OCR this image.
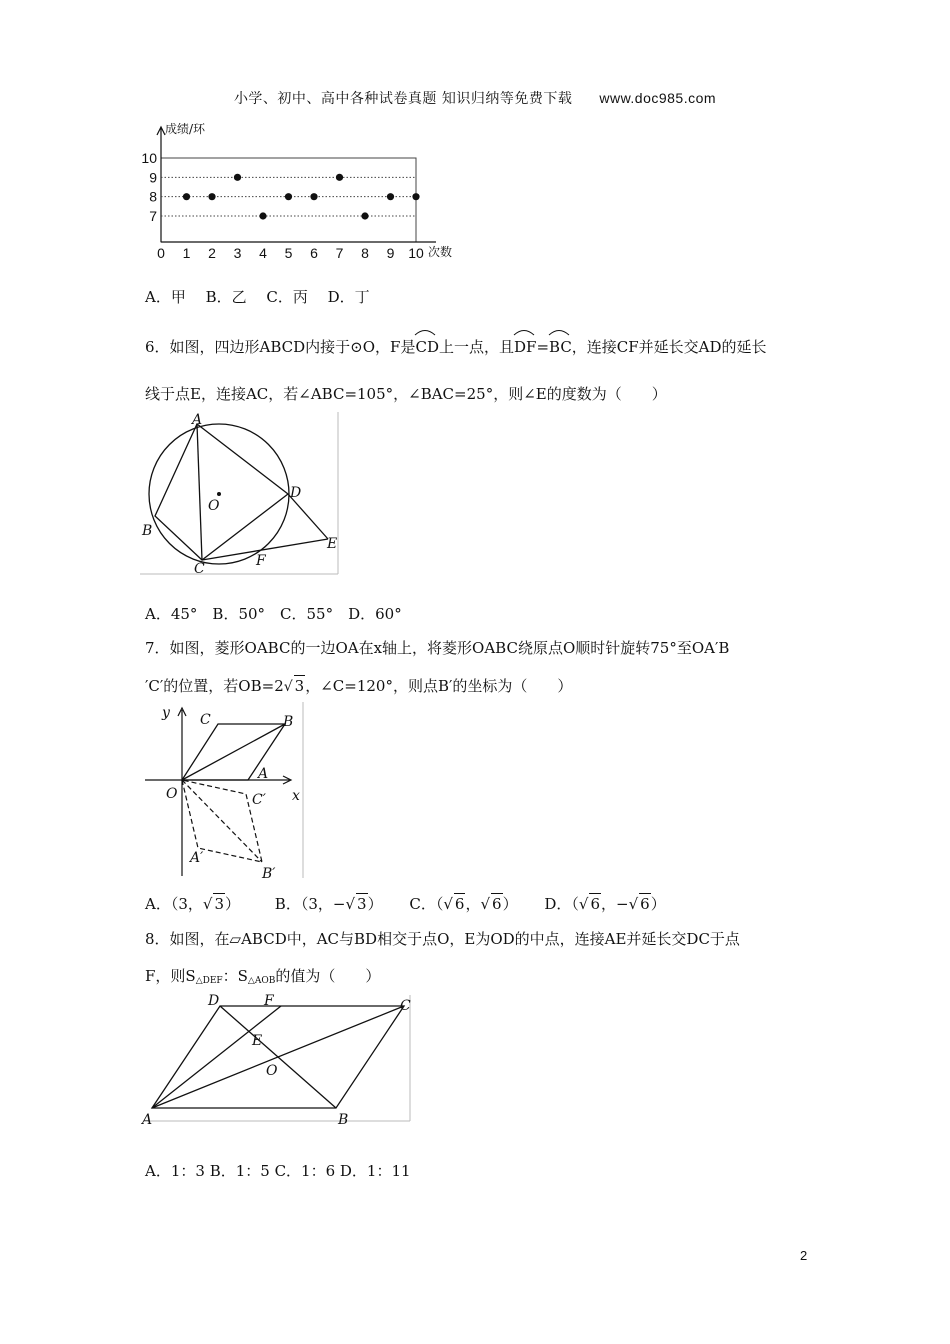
小学、初中、高中各种试卷真题 知识归纳等免费下载 www.doc985.com
7
8
9
10
0 1 2 3 4 5 6 7 8 9 10
成绩/环
次数
A．甲　 B．乙　 C．丙　 D．丁
6．如图，四边形ABCD内接于⊙O，F是
CD上一点，且
DF=
BC，连接CF并延长交AD的延长
线于点E，连接AC，若∠ABC=105°，∠BAC=25°，则∠E的度数为（　　）
A
B
C
D
E
F
O
A．45°　B．50°　C．55°　D．60°
7．如图，菱形OABC的一边OA在x轴上，将菱形OABC绕原点O顺时针旋转75°至OA′B
′C′的位置，若OB=2√ 3，∠C=120°，则点B′的坐标为（　　）
y
x
C	B
A
O	C′
A′
B′
A．（3，√ 3） B．（3，−√ 3） C．（√ 6，√ 6） D．（√ 6，−√ 6）
8．如图，在▱ABCD中，AC与BD相交于点O，E为OD的中点，连接AE并延长交DC于点
F，则$S_{\triangle DEF}$：$S_{\triangle AOB}$的值为（　　）
D	F	C
E
O
A	B
A．1：3 B．1：5 C．1：6 D．1：11
2
